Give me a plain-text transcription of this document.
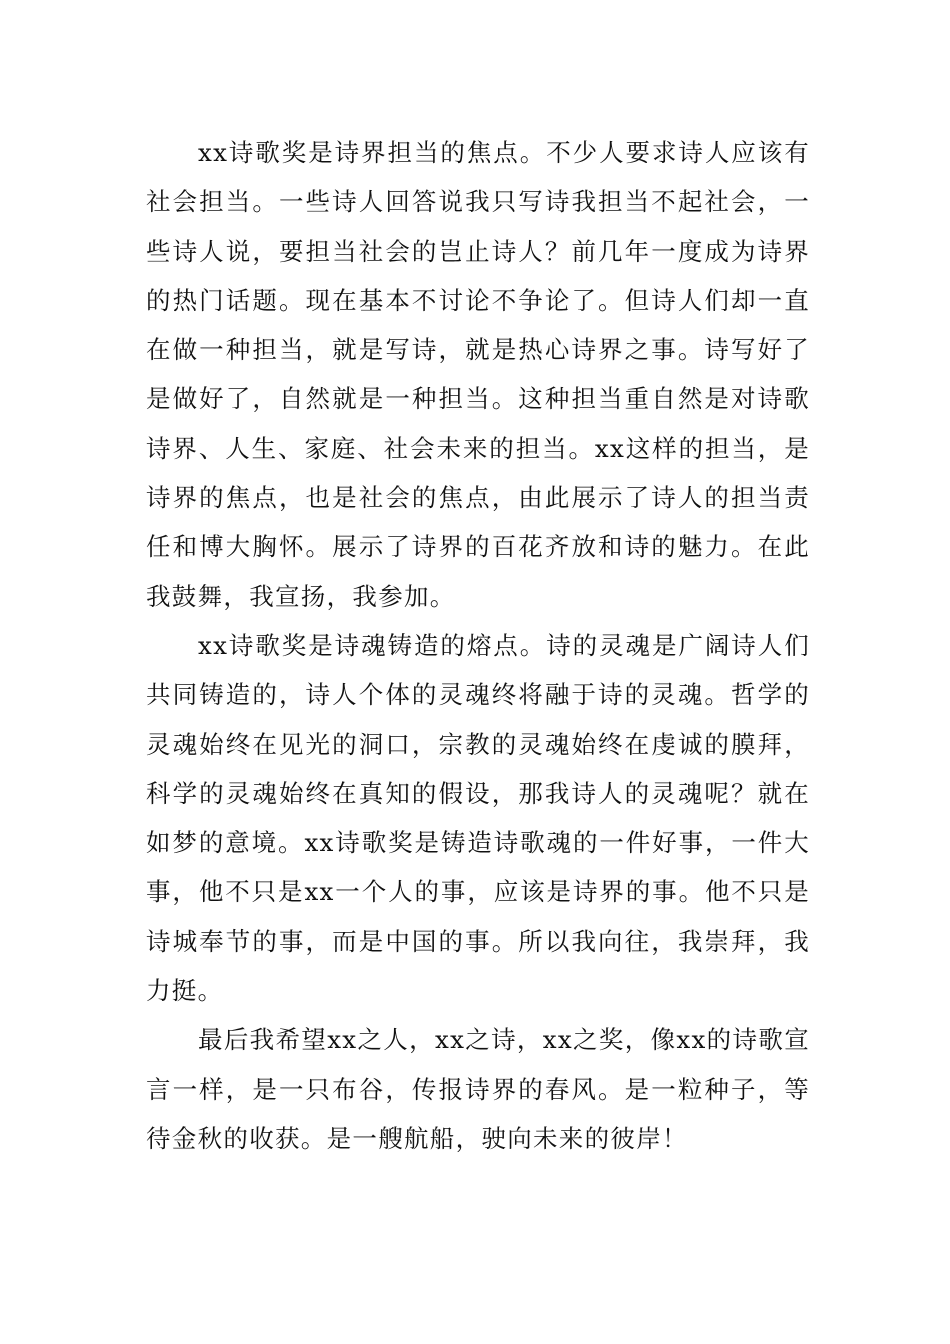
xx诗歌奖是诗界担当的焦点。不少人要求诗人应该有社会担当。一些诗人回答说我只写诗我担当不起社会，一些诗人说，要担当社会的岂止诗人？前几年一度成为诗界的热门话题。现在基本不讨论不争论了。但诗人们却一直在做一种担当，就是写诗，就是热心诗界之事。诗写好了是做好了，自然就是一种担当。这种担当重自然是对诗歌诗界、人生、家庭、社会未来的担当。xx这样的担当，是诗界的焦点，也是社会的焦点，由此展示了诗人的担当责任和博大胸怀。展示了诗界的百花齐放和诗的魅力。在此我鼓舞，我宣扬，我参加。

xx诗歌奖是诗魂铸造的熔点。诗的灵魂是广阔诗人们共同铸造的，诗人个体的灵魂终将融于诗的灵魂。哲学的灵魂始终在见光的洞口，宗教的灵魂始终在虔诚的膜拜，科学的灵魂始终在真知的假设，那我诗人的灵魂呢？就在如梦的意境。xx诗歌奖是铸造诗歌魂的一件好事，一件大事，他不只是xx一个人的事，应该是诗界的事。他不只是诗城奉节的事，而是中国的事。所以我向往，我崇拜，我力挺。

最后我希望xx之人，xx之诗，xx之奖，像xx的诗歌宣言一样，是一只布谷，传报诗界的春风。是一粒种子，等待金秋的收获。是一艘航船，驶向未来的彼岸！
